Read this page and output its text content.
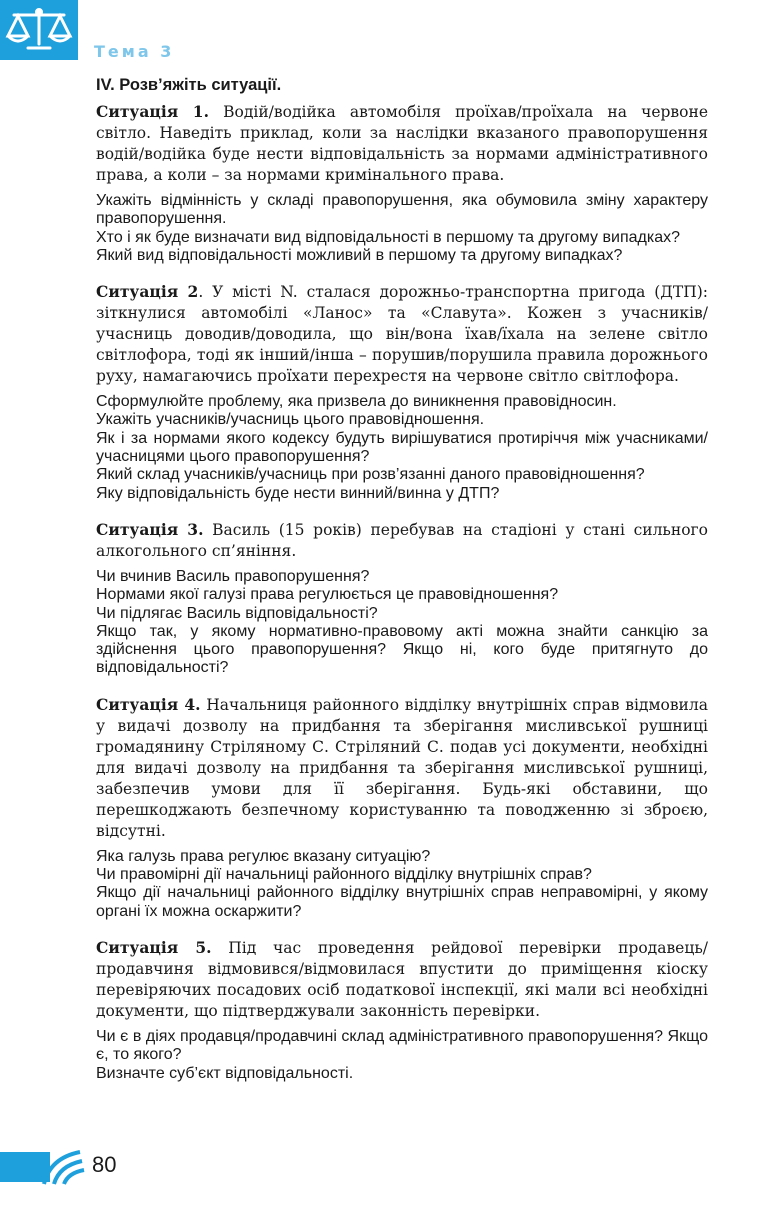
Тема 3
IV. Розв’яжіть ситуації.

Ситуація 1. Водій/водійка автомобіля проїхав/проїхала на червоне світло. Наведіть приклад, коли за наслідки вказаного правопорушення водій/водійка буде нести відповідальність за нормами адміністративного права, а коли – за нормами кримінального права.

Укажіть відмінність у складі правопорушення, яка обумовила зміну характеру правопорушення.

Хто і як буде визначати вид відповідальності в першому та другому випадках?

Який вид відповідальності можливий в першому та другому випадках?

Ситуація 2. У місті N. сталася дорожньо-транспортна пригода (ДТП): зіткнулися автомобілі «Ланос» та «Славута». Кожен з учасників/учасниць доводив/доводила, що він/вона їхав/їхала на зелене світло світлофора, тоді як інший/інша – порушив/порушила правила дорожнього руху, намагаючись проїхати перехрестя на червоне світло світлофора.

Сформулюйте проблему, яка призвела до виникнення правовідносин.

Укажіть учасників/учасниць цього правовідношення.

Як і за нормами якого кодексу будуть вирішуватися протиріччя між учасниками/учасницями цього правопорушення?

Який склад учасників/учасниць при розв’язанні даного правовідношення?

Яку відповідальність буде нести винний/винна у ДТП?

Ситуація 3. Василь (15 років) перебував на стадіоні у стані сильного алкогольного сп’яніння.

Чи вчинив Василь правопорушення?

Нормами якої галузі права регулюється це правовідношення?

Чи підлягає Василь відповідальності?

Якщо так, у якому нормативно-правовому акті можна знайти санкцію за здійснення цього правопорушення? Якщо ні, кого буде притягнуто до відповідальності?

Ситуація 4. Начальниця районного відділку внутрішніх справ відмовила у видачі дозволу на придбання та зберігання мисливської рушниці громадянину Стріляному С. Стріляний С. подав усі документи, необхідні для видачі дозволу на придбання та зберігання мисливської рушниці, забезпечив умови для її зберігання. Будь-які обставини, що перешкоджають безпечному користуванню та поводженню зі зброєю, відсутні.

Яка галузь права регулює вказану ситуацію?

Чи правомірні дії начальниці районного відділку внутрішніх справ?

Якщо дії начальниці районного відділку внутрішніх справ неправомірні, у якому органі їх можна оскаржити?

Ситуація 5. Під час проведення рейдової перевірки продавець/продавчиня відмовився/відмовилася впустити до приміщення кіоску перевіряючих посадових осіб податкової інспекції, які мали всі необхідні документи, що підтверджували законність перевірки.

Чи є в діях продавця/продавчині склад адміністративного правопорушення? Якщо є, то якого?

Визначте суб’єкт відповідальності.

80
